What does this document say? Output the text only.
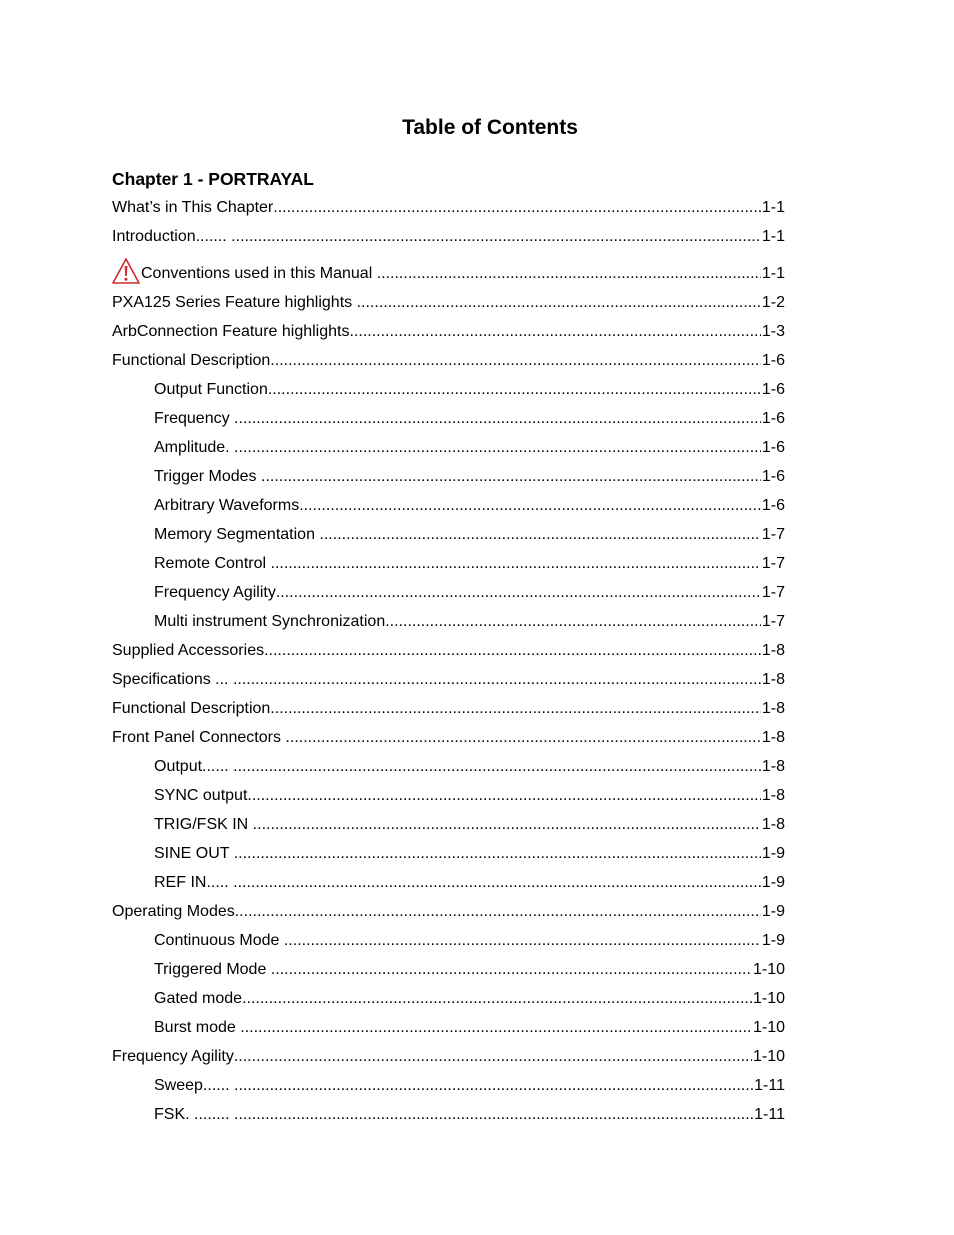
Table of Contents
Chapter 1 - PORTRAYAL
What’s in This Chapter .....	1-1
Introduction....... .....	1-1
Conventions used in this Manual .....	1-1
PXA125 Series Feature highlights .....	1-2
ArbConnection Feature highlights .....	1-3
Functional Description .....	1-6
Output Function .....	1-6
Frequency .....	1-6
Amplitude. .....	1-6
Trigger Modes .....	1-6
Arbitrary Waveforms .....	1-6
Memory Segmentation .....	1-7
Remote Control .....	1-7
Frequency Agility .....	1-7
Multi instrument Synchronization .....	1-7
Supplied Accessories .....	1-8
Specifications ... .....	1-8
Functional Description .....	1-8
Front Panel Connectors .....	1-8
Output...... .....	1-8
SYNC output .....	1-8
TRIG/FSK IN .....	1-8
SINE OUT .....	1-9
REF IN..... .....	1-9
Operating Modes .....	1-9
Continuous Mode .....	1-9
Triggered Mode .....	1-10
Gated mode .....	1-10
Burst mode .....	1-10
Frequency Agility .....	1-10
Sweep...... .....	1-11
FSK. ........ .....	1-11
